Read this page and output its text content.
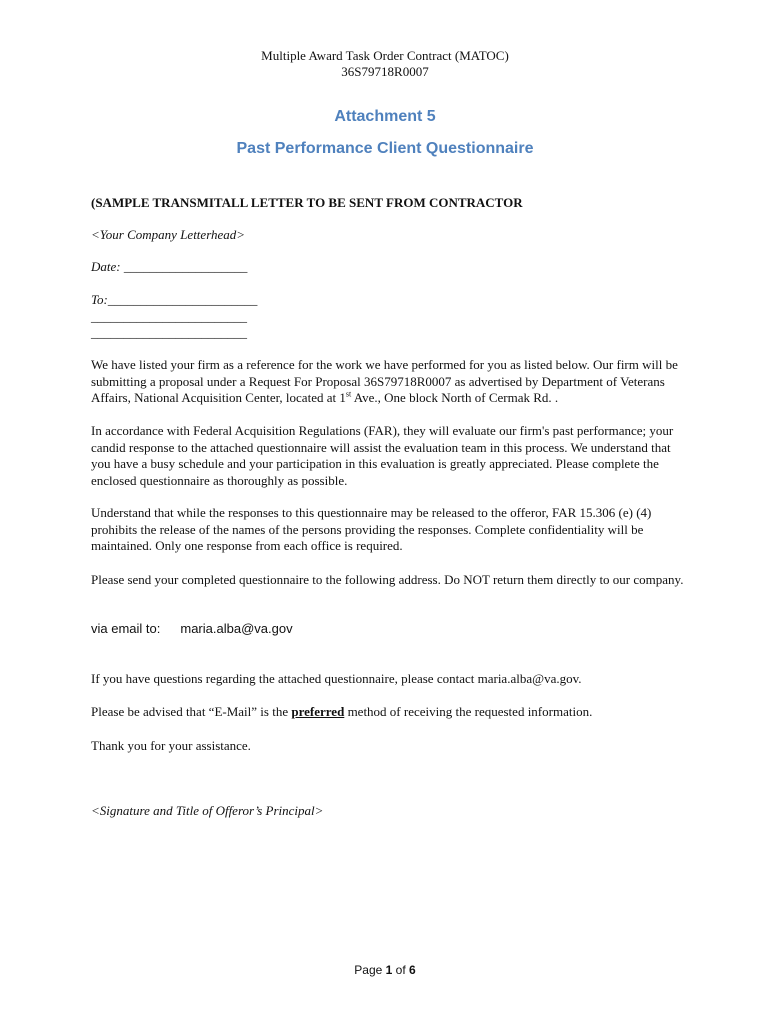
Multiple Award Task Order Contract (MATOC)
36S79718R0007
Attachment 5
Past Performance Client Questionnaire
(SAMPLE TRANSMITALL LETTER TO BE SENT FROM CONTRACTOR
<Your Company Letterhead>
Date: ___________________
To:_______________________
________________________
________________________
We have listed your firm as a reference for the work we have performed for you as listed below. Our firm will be submitting a proposal under a Request For Proposal 36S79718R0007 as advertised by Department of Veterans Affairs, National Acquisition Center, located at 1st Ave., One block North of Cermak Rd. .
In accordance with Federal Acquisition Regulations (FAR), they will evaluate our firm's past performance; your candid response to the attached questionnaire will assist the evaluation team in this process. We understand that you have a busy schedule and your participation in this evaluation is greatly appreciated. Please complete the enclosed questionnaire as thoroughly as possible.
Understand that while the responses to this questionnaire may be released to the offeror, FAR 15.306 (e) (4) prohibits the release of the names of the persons providing the responses. Complete confidentiality will be maintained. Only one response from each office is required.
Please send your completed questionnaire to the following address. Do NOT return them directly to our company.
via email to: maria.alba@va.gov
If you have questions regarding the attached questionnaire, please contact maria.alba@va.gov.
Please be advised that “E-Mail” is the preferred method of receiving the requested information.
Thank you for your assistance.
<Signature and Title of Offeror’s Principal>
Page 1 of 6
